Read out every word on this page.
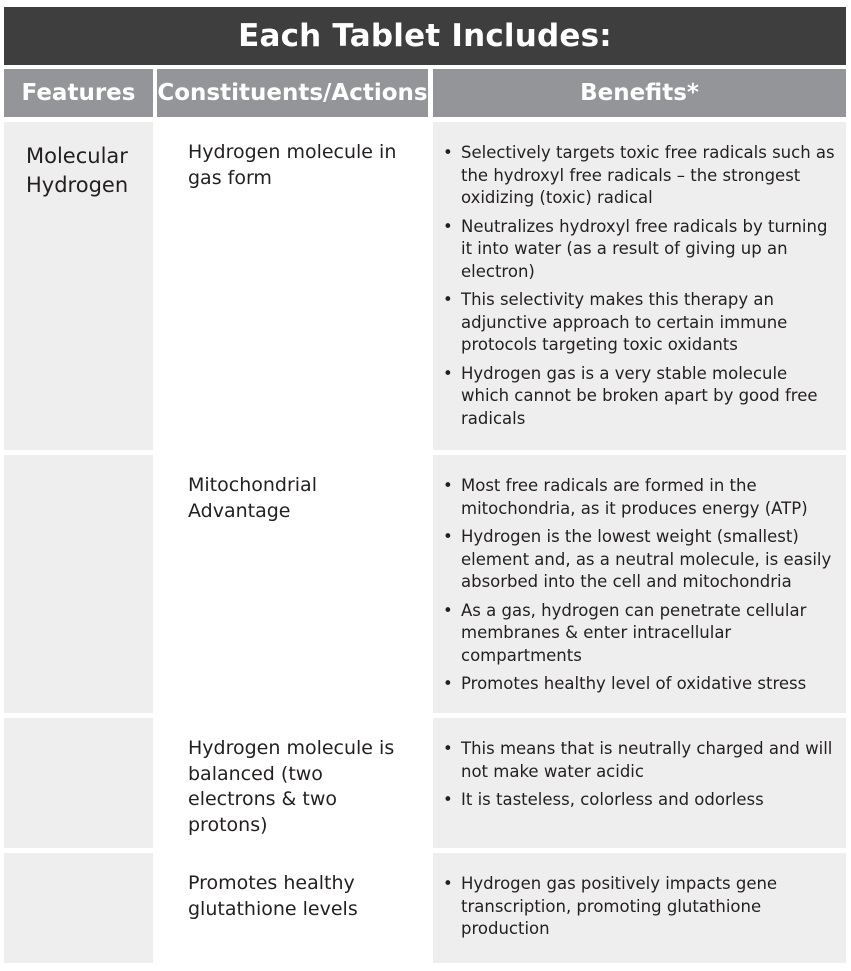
Each Tablet Includes:
Features Constituents/Actions	Benefits*
Molecular
Hydrogen
Hydrogen molecule in gas form
• Selectively targets toxic free radicals such as the hydroxyl free radicals – the strongest oxidizing (toxic) radical
• Neutralizes hydroxyl free radicals by turning it into water (as a result of giving up an electron)
• This selectivity makes this therapy an adjunctive approach to certain immune protocols targeting toxic oxidants
• Hydrogen gas is a very stable molecule which cannot be broken apart by good free radicals
Mitochondrial Advantage
• Most free radicals are formed in the mitochondria, as it produces energy (ATP)
• Hydrogen is the lowest weight (smallest) element and, as a neutral molecule, is easily absorbed into the cell and mitochondria
• As a gas, hydrogen can penetrate cellular membranes & enter intracellular compartments
• Promotes healthy level of oxidative stress
Hydrogen molecule is balanced (two electrons & two protons)
• This means that is neutrally charged and will not make water acidic
• It is tasteless, colorless and odorless
Promotes healthy glutathione levels
• Hydrogen gas positively impacts gene transcription, promoting glutathione production
